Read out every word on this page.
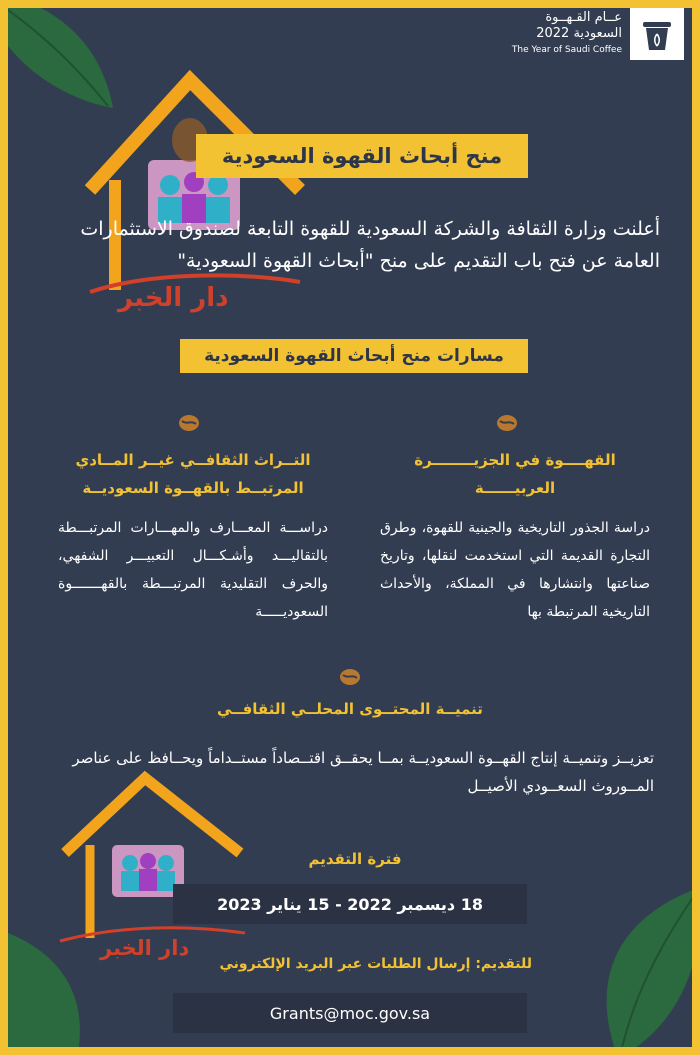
عــام القـهــوة
السعودية 2022
The Year of Saudi Coffee
دار الخبر
منح أبحاث القهوة السعودية
أعلنت وزارة الثقافة والشركة السعودية للقهوة التابعة لصندوق الاستثمارات العامة عن فتح باب التقديم على منح "أبحاث القهوة السعودية"
مسارات منح أبحاث القهوة السعودية
القهــــوة في الجزيــــــــرة العربيــــــة

دراسة الجذور التاريخية والجينية للقهوة، وطرق التجارة القديمة التي استخدمت لنقلها، وتاريخ صناعتها وانتشارها في المملكة، والأحداث التاريخية المرتبطة بها

التــراث الثقافــي غيــر المــادي المرتبــط بالقهــوة السعوديــة

دراســـة المعـــارف والمهـــارات المرتبـــطة بالتقاليـــد وأشـكـــال التعبيـــر الشفهي، والحرف التقليدية المرتبـــطة بالقهـــــــوة السعوديـــــة

تنميــة المحتــوى المحلــي الثقافــي
تعزيــز وتنميــة إنتاج القهــوة السعوديــة بمــا يحقــق اقتــصاداً مستــداماً ويحــافظ على عناصر المــوروث السعــودي الأصيــل
دار الخبر
فترة التقديم
18 ديسمبر 2022 - 15 يناير 2023
للتقديم: إرسال الطلبات عبر البريد الإلكتروني
Grants@moc.gov.sa
